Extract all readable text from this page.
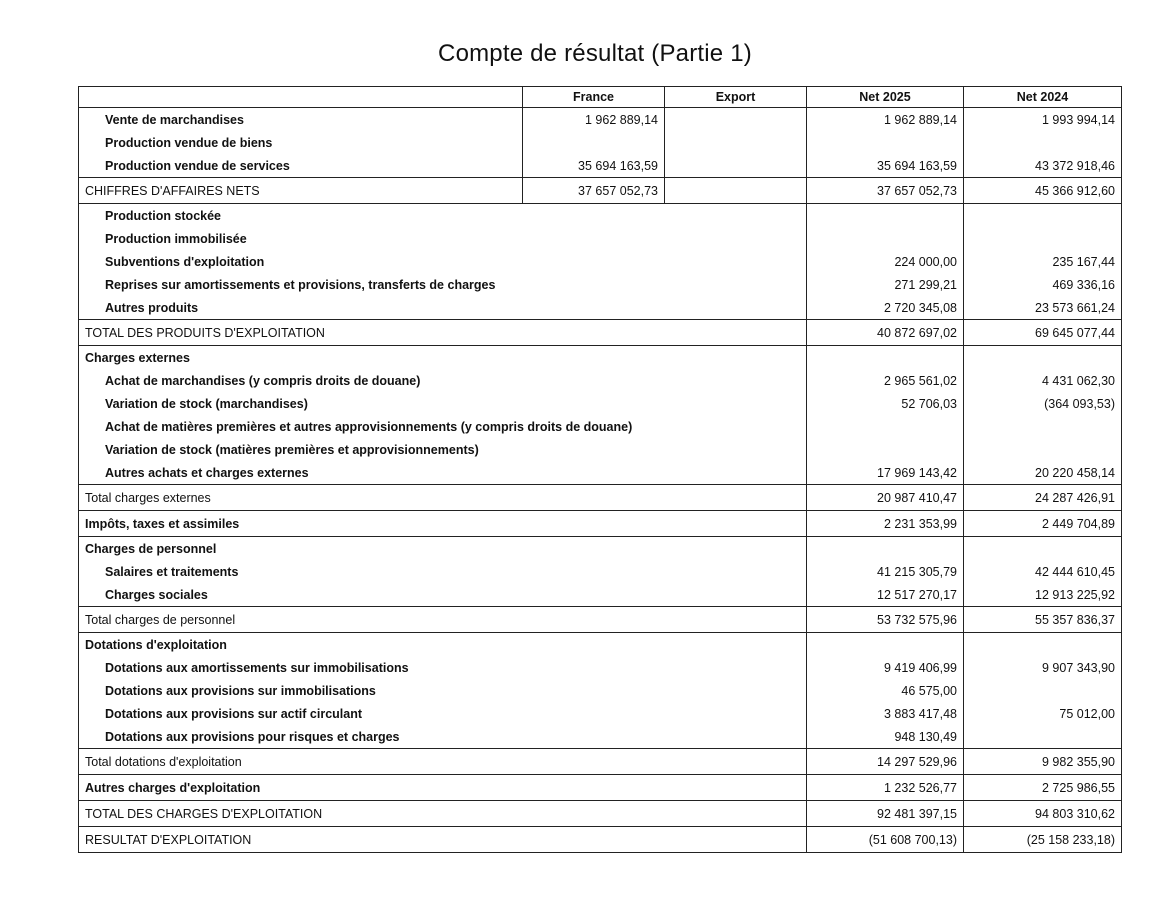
Compte de résultat (Partie 1)
	France	Export	Net 2025	Net 2024
Vente de marchandises	1 962 889,14		1 962 889,14	1 993 994,14
Production vendue de biens				
Production vendue de services	35 694 163,59		35 694 163,59	43 372 918,46
CHIFFRES D'AFFAIRES NETS	37 657 052,73		37 657 052,73	45 366 912,60
Production stockée				
Production immobilisée				
Subventions d'exploitation			224 000,00	235 167,44
Reprises sur amortissements et provisions, transferts de charges			271 299,21	469 336,16
Autres produits			2 720 345,08	23 573 661,24
TOTAL DES PRODUITS D'EXPLOITATION			40 872 697,02	69 645 077,44
Charges externes				
Achat de marchandises (y compris droits de douane)			2 965 561,02	4 431 062,30
Variation de stock (marchandises)			52 706,03	(364 093,53)
Achat de matières premières et autres approvisionnements (y compris droits de douane)				
Variation de stock (matières premières et approvisionnements)				
Autres achats et charges externes			17 969 143,42	20 220 458,14
Total charges externes			20 987 410,47	24 287 426,91
Impôts, taxes et assimiles			2 231 353,99	2 449 704,89
Charges de personnel				
Salaires et traitements			41 215 305,79	42 444 610,45
Charges sociales			12 517 270,17	12 913 225,92
Total charges de personnel			53 732 575,96	55 357 836,37
Dotations d'exploitation				
Dotations aux amortissements sur immobilisations			9 419 406,99	9 907 343,90
Dotations aux provisions sur immobilisations			46 575,00	
Dotations aux provisions sur actif circulant			3 883 417,48	75 012,00
Dotations aux provisions pour risques et charges			948 130,49	
Total dotations d'exploitation			14 297 529,96	9 982 355,90
Autres charges d'exploitation			1 232 526,77	2 725 986,55
TOTAL DES CHARGES D'EXPLOITATION			92 481 397,15	94 803 310,62
RESULTAT D'EXPLOITATION			(51 608 700,13)	(25 158 233,18)
